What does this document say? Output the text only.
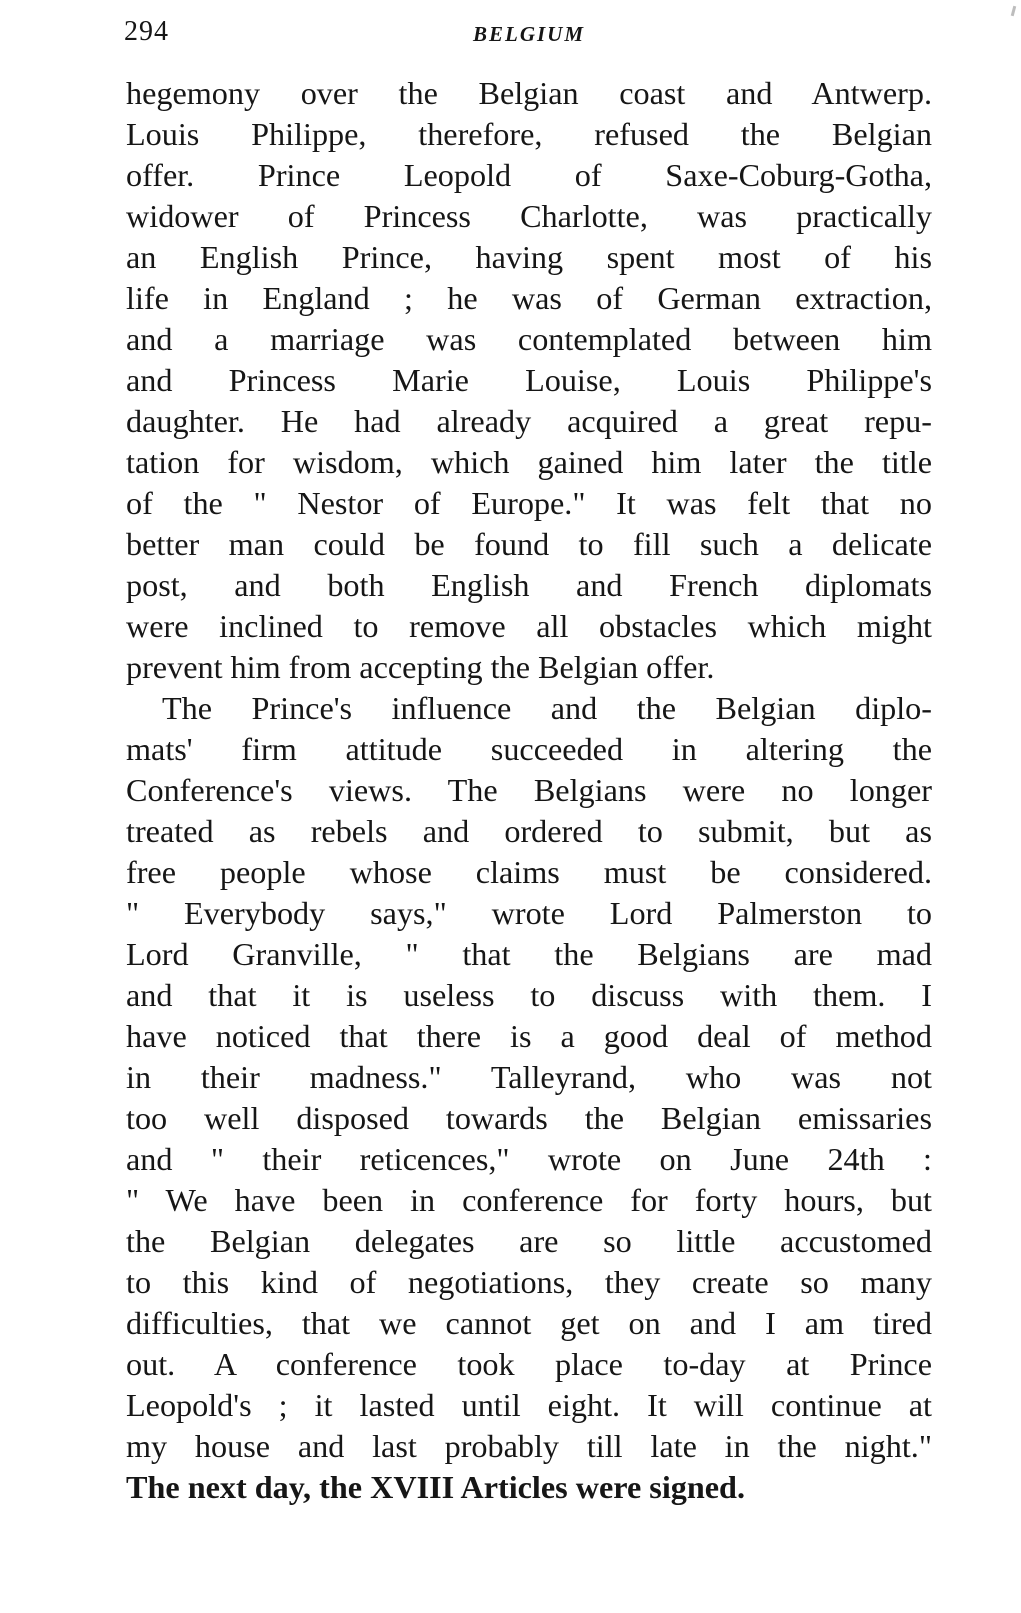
294	BELGIUM
hegemony over the Belgian coast and Antwerp.
Louis Philippe, therefore, refused the Belgian
offer. Prince Leopold of Saxe-Coburg-Gotha,
widower of Princess Charlotte, was practically
an English Prince, having spent most of his
life in England ; he was of German extraction,
and a marriage was contemplated between him
and Princess Marie Louise, Louis Philippe's
daughter. He had already acquired a great repu-
tation for wisdom, which gained him later the title
of the " Nestor of Europe." It was felt that no
better man could be found to fill such a delicate
post, and both English and French diplomats
were inclined to remove all obstacles which might
prevent him from accepting the Belgian offer.
The Prince's influence and the Belgian diplo-
mats' firm attitude succeeded in altering the
Conference's views. The Belgians were no longer
treated as rebels and ordered to submit, but as
free people whose claims must be considered.
" Everybody says," wrote Lord Palmerston to
Lord Granville, " that the Belgians are mad
and that it is useless to discuss with them. I
have noticed that there is a good deal of method
in their madness." Talleyrand, who was not
too well disposed towards the Belgian emissaries
and " their reticences," wrote on June 24th :
" We have been in conference for forty hours, but
the Belgian delegates are so little accustomed
to this kind of negotiations, they create so many
difficulties, that we cannot get on and I am tired
out. A conference took place to-day at Prince
Leopold's ; it lasted until eight. It will continue at
my house and last probably till late in the night."
The next day, the XVIII Articles were signed.
